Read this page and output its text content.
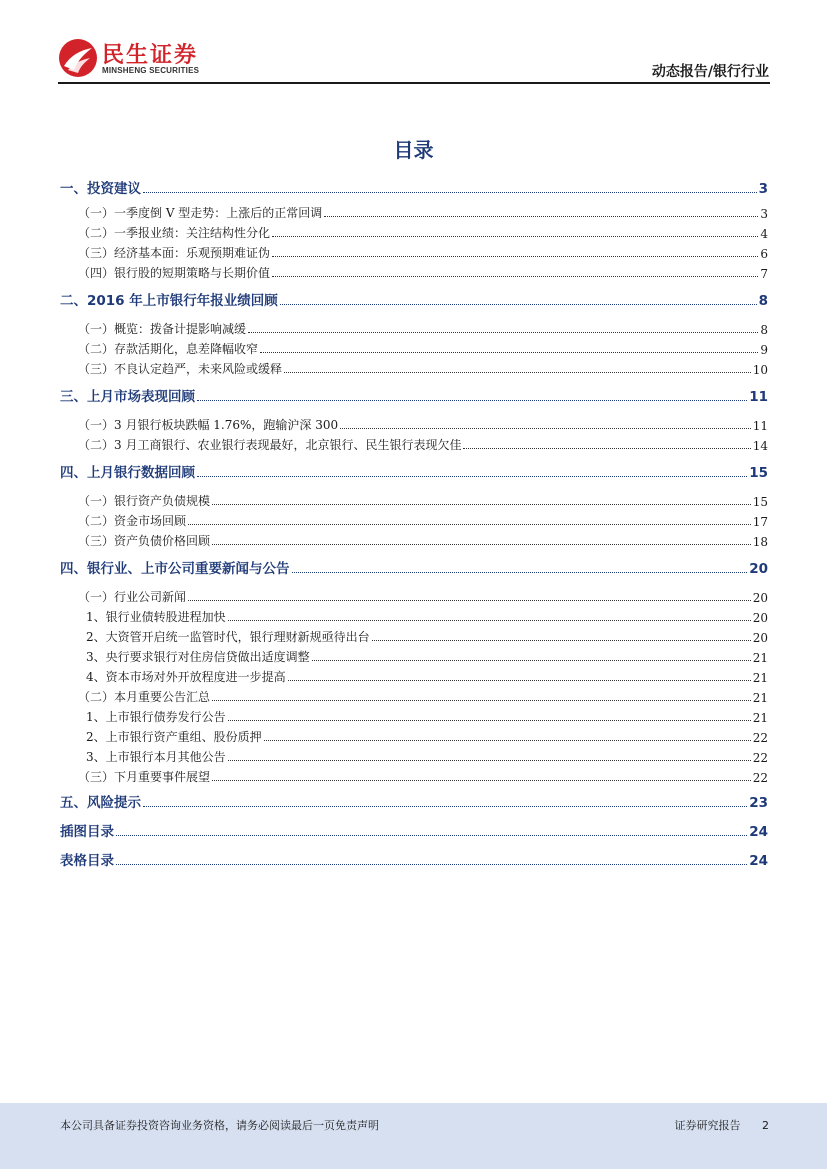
民生证券
MINSHENG SECURITIES	动态报告/银行行业
目录
一、投资建议	3
（一）一季度倒 V 型走势：上涨后的正常回调	3
（二）一季报业绩：关注结构性分化	4
（三）经济基本面：乐观预期难证伪	6
（四）银行股的短期策略与长期价值	7
二、2016 年上市银行年报业绩回顾	8
（一）概览：拨备计提影响减缓	8
（二）存款活期化，息差降幅收窄	9
（三）不良认定趋严，未来风险或缓释	10
三、上月市场表现回顾	11
（一）3 月银行板块跌幅 1.76%，跑输沪深 300	11
（二）3 月工商银行、农业银行表现最好，北京银行、民生银行表现欠佳	14
四、上月银行数据回顾	15
（一）银行资产负债规模	15
（二）资金市场回顾	17
（三）资产负债价格回顾	18
四、银行业、上市公司重要新闻与公告	20
（一）行业公司新闻	20
1、银行业债转股进程加快	20
2、大资管开启统一监管时代，银行理财新规亟待出台	20
3、央行要求银行对住房信贷做出适度调整	21
4、资本市场对外开放程度进一步提高	21
（二）本月重要公告汇总	21
1、上市银行债券发行公告	21
2、上市银行资产重组、股份质押	22
3、上市银行本月其他公告	22
（三）下月重要事件展望	22
五、风险提示	23
插图目录	24
表格目录	24
本公司具备证券投资咨询业务资格，请务必阅读最后一页免责声明	证券研究报告 2
